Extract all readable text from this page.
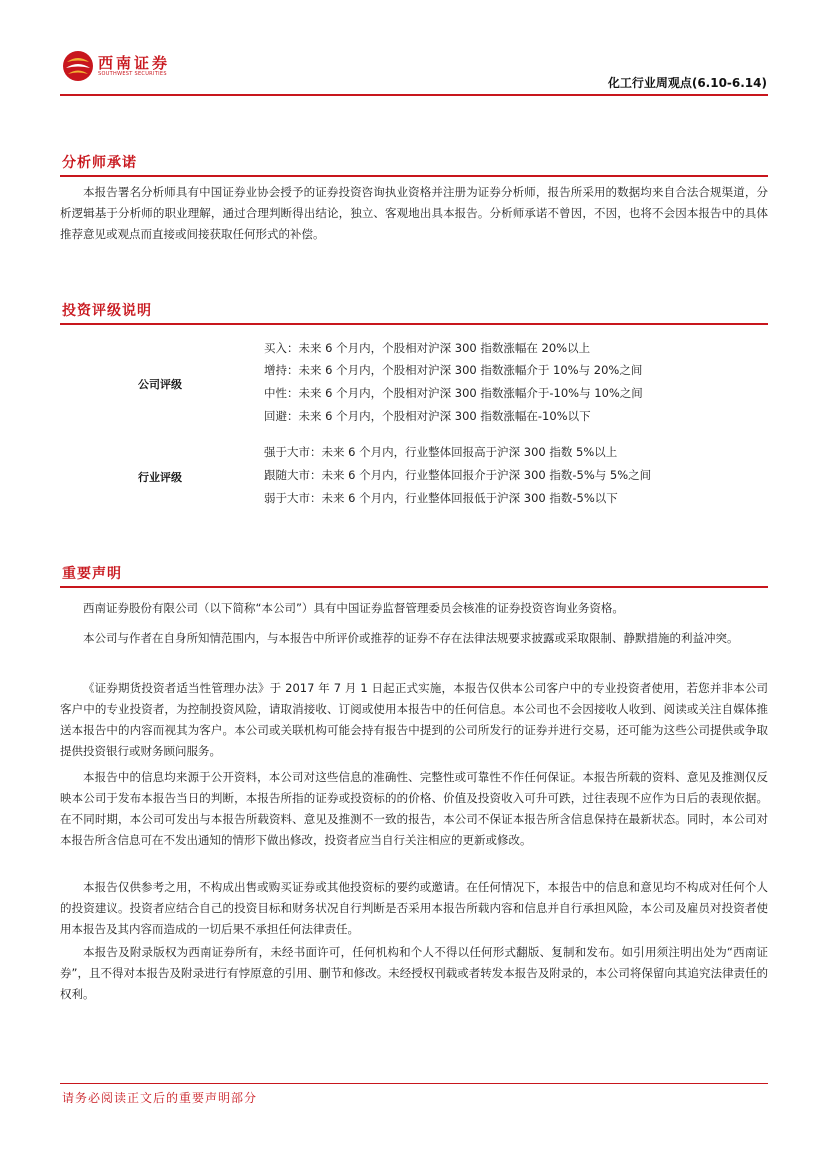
西南证券
SOUTHWEST SECURITIES
化工行业周观点(6.10-6.14)
分析师承诺

本报告署名分析师具有中国证券业协会授予的证券投资咨询执业资格并注册为证券分析师，报告所采用的数据均来自合法合规渠道，分析逻辑基于分析师的职业理解，通过合理判断得出结论，独立、客观地出具本报告。分析师承诺不曾因，不因，也将不会因本报告中的具体推荐意见或观点而直接或间接获取任何形式的补偿。

投资评级说明
公司评级
买入：未来 6 个月内，个股相对沪深 300 指数涨幅在 20%以上
增持：未来 6 个月内，个股相对沪深 300 指数涨幅介于 10%与 20%之间
中性：未来 6 个月内，个股相对沪深 300 指数涨幅介于-10%与 10%之间
回避：未来 6 个月内，个股相对沪深 300 指数涨幅在-10%以下
行业评级
强于大市：未来 6 个月内，行业整体回报高于沪深 300 指数 5%以上
跟随大市：未来 6 个月内，行业整体回报介于沪深 300 指数-5%与 5%之间
弱于大市：未来 6 个月内，行业整体回报低于沪深 300 指数-5%以下
重要声明

西南证券股份有限公司（以下简称“本公司”）具有中国证券监督管理委员会核准的证券投资咨询业务资格。

本公司与作者在自身所知情范围内，与本报告中所评价或推荐的证券不存在法律法规要求披露或采取限制、静默措施的利益冲突。

《证券期货投资者适当性管理办法》于 2017 年 7 月 1 日起正式实施，本报告仅供本公司客户中的专业投资者使用，若您并非本公司客户中的专业投资者，为控制投资风险，请取消接收、订阅或使用本报告中的任何信息。本公司也不会因接收人收到、阅读或关注自媒体推送本报告中的内容而视其为客户。本公司或关联机构可能会持有报告中提到的公司所发行的证券并进行交易，还可能为这些公司提供或争取提供投资银行或财务顾问服务。

本报告中的信息均来源于公开资料，本公司对这些信息的准确性、完整性或可靠性不作任何保证。本报告所载的资料、意见及推测仅反映本公司于发布本报告当日的判断，本报告所指的证券或投资标的的价格、价值及投资收入可升可跌，过往表现不应作为日后的表现依据。在不同时期，本公司可发出与本报告所载资料、意见及推测不一致的报告，本公司不保证本报告所含信息保持在最新状态。同时，本公司对本报告所含信息可在不发出通知的情形下做出修改，投资者应当自行关注相应的更新或修改。

本报告仅供参考之用，不构成出售或购买证券或其他投资标的要约或邀请。在任何情况下，本报告中的信息和意见均不构成对任何个人的投资建议。投资者应结合自己的投资目标和财务状况自行判断是否采用本报告所载内容和信息并自行承担风险，本公司及雇员对投资者使用本报告及其内容而造成的一切后果不承担任何法律责任。

本报告及附录版权为西南证券所有，未经书面许可，任何机构和个人不得以任何形式翻版、复制和发布。如引用须注明出处为“西南证券”，且不得对本报告及附录进行有悖原意的引用、删节和修改。未经授权刊载或者转发本报告及附录的，本公司将保留向其追究法律责任的权利。

请务必阅读正文后的重要声明部分
